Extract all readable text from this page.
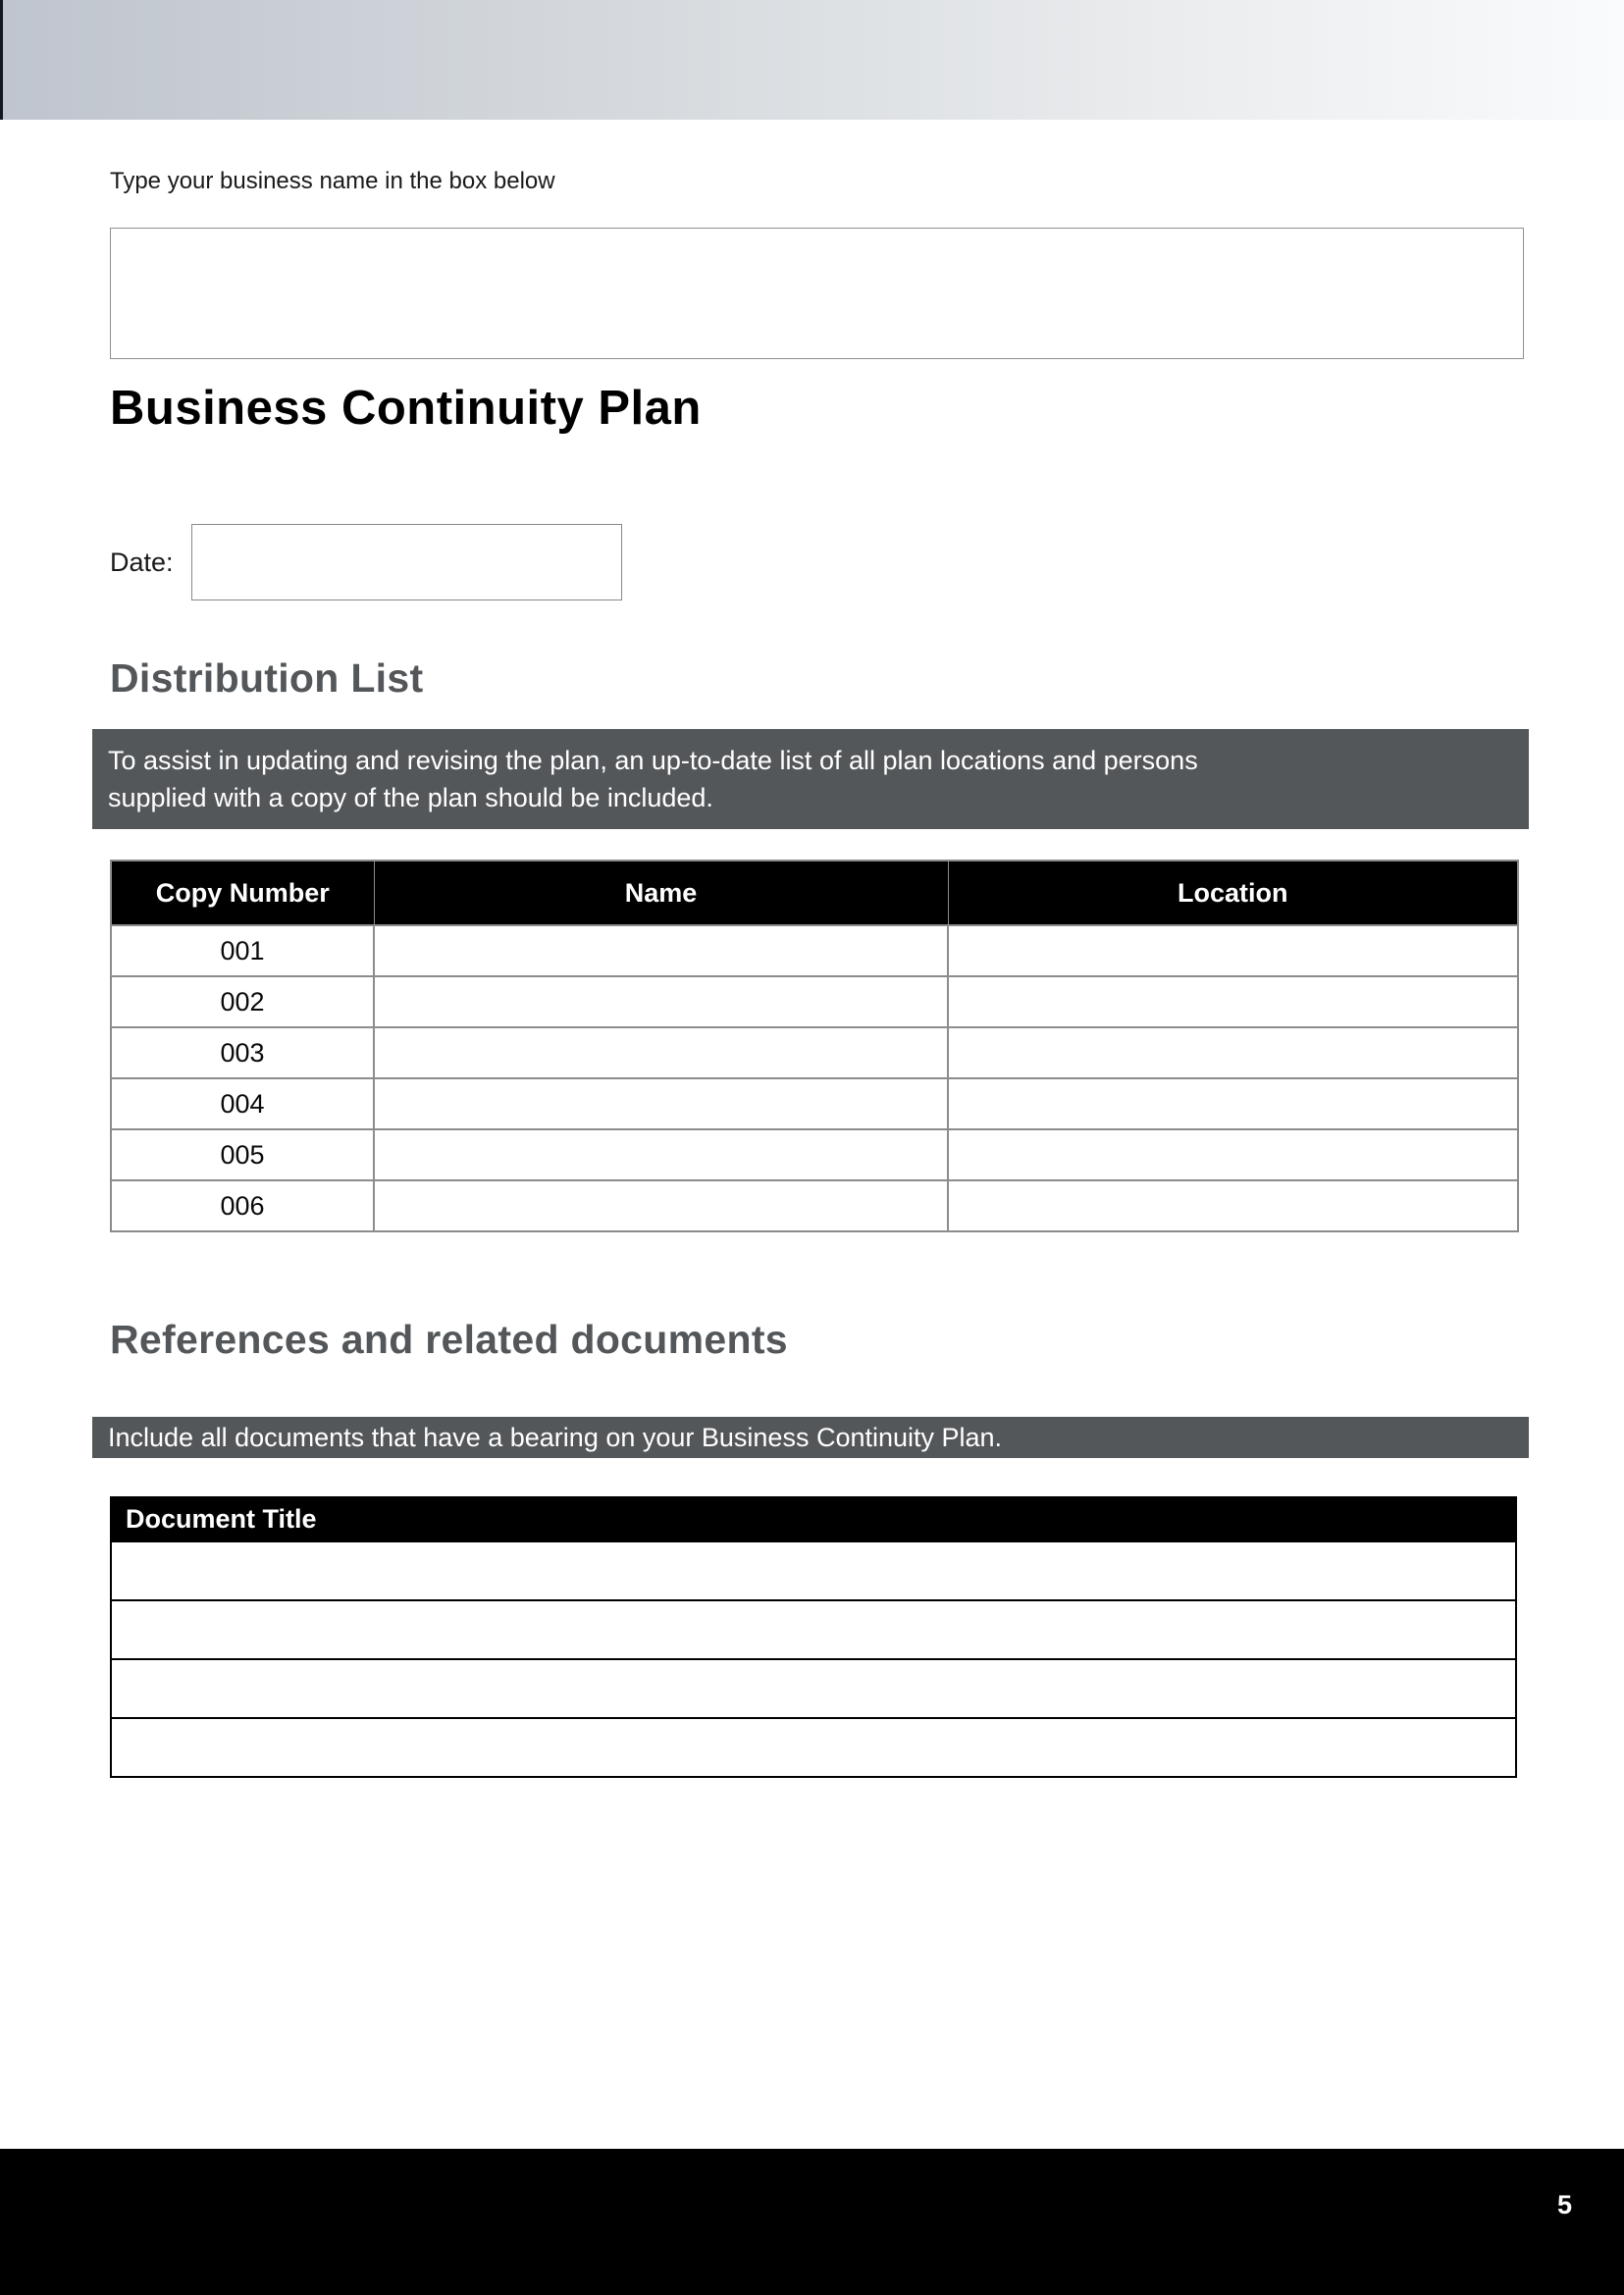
Type your business name in the box below
Business Continuity Plan
Date:
Distribution List
To assist in updating and revising the plan, an up-to-date list of all plan locations and persons
supplied with a copy of the plan should be included.
Copy Number	Name	Location
001		
002		
003		
004		
005		
006		
References and related documents
Include all documents that have a bearing on your Business Continuity Plan.
Document Title

5
